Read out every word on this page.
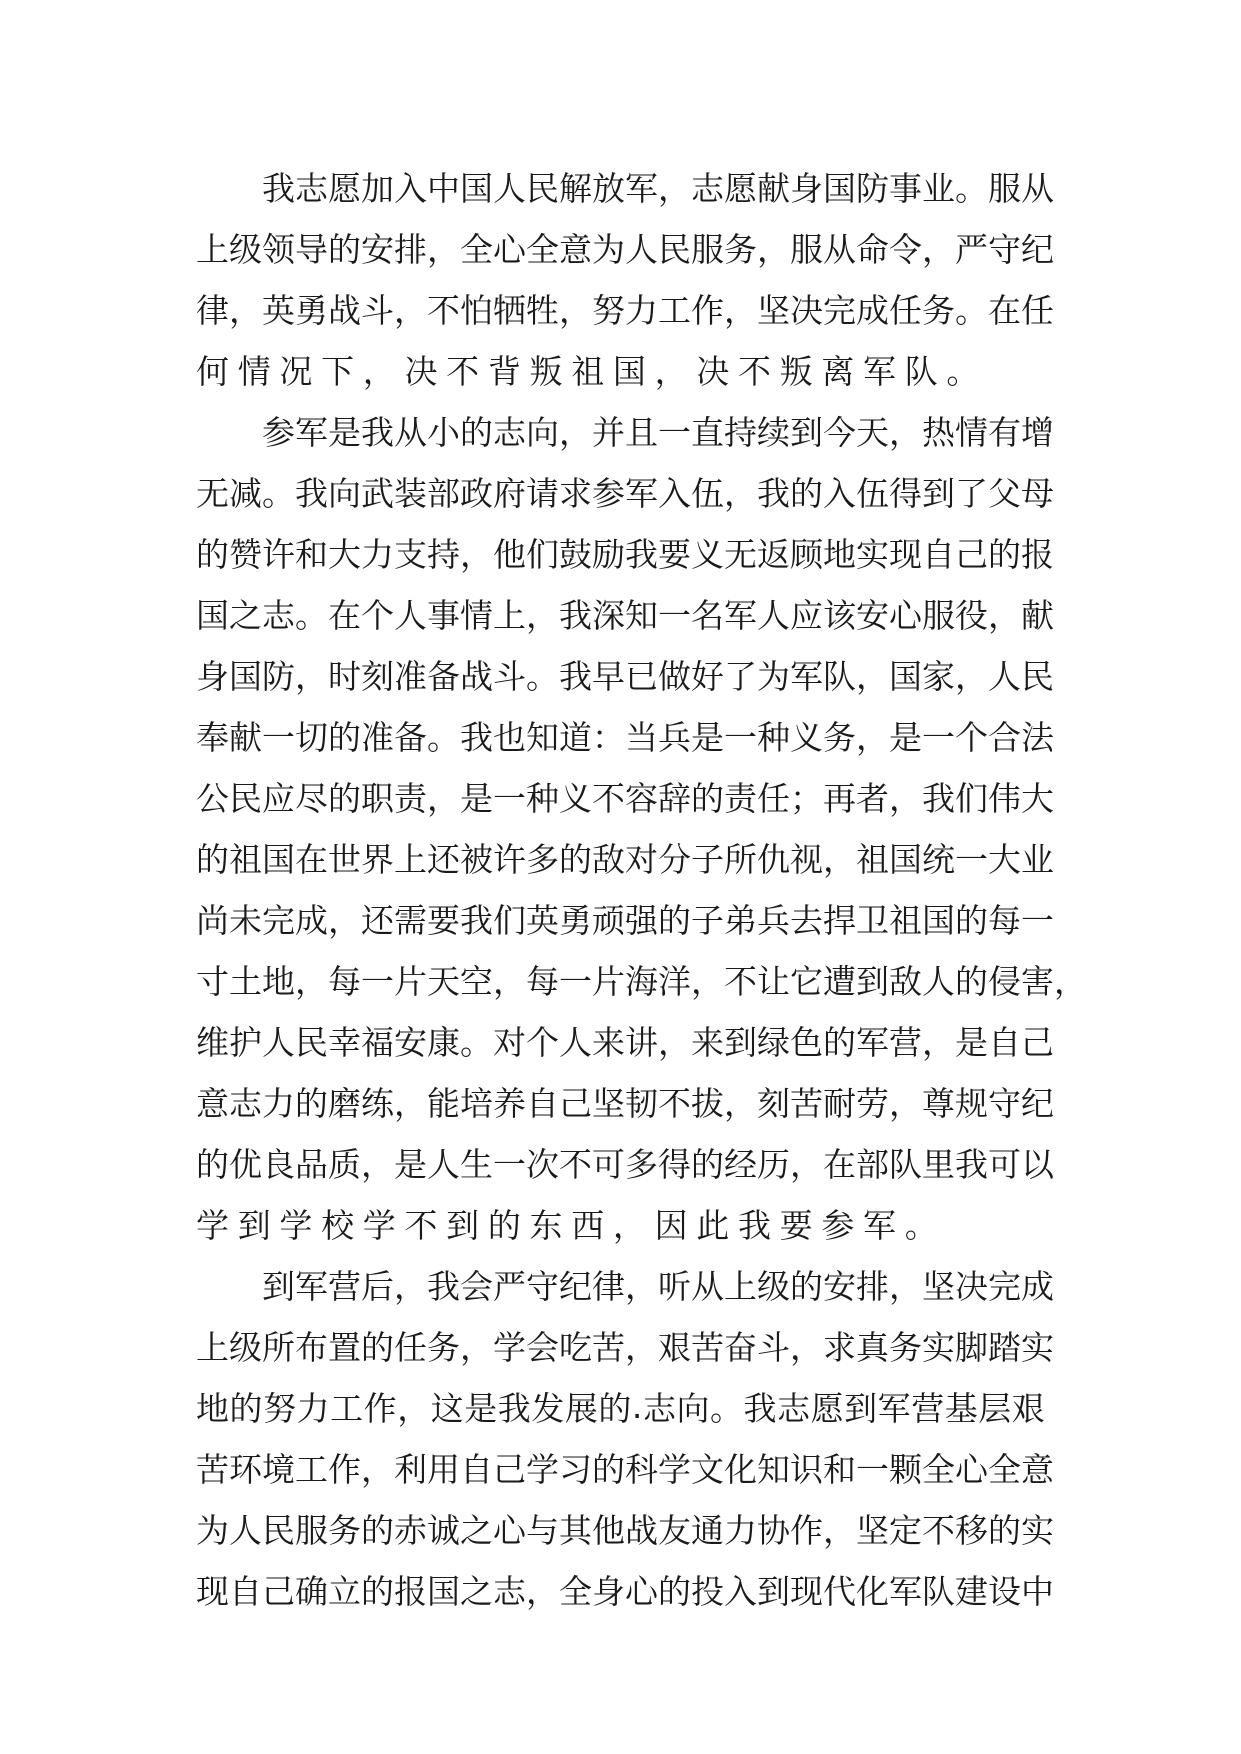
我 志 愿 加 入 中 国 人 民 解 放 军 ， 志 愿 献 身 国 防 事 业 。 服 从
上 级 领 导 的 安 排 ， 全 心 全 意 为 人 民 服 务 ， 服 从 命 令 ， 严 守 纪
律 ， 英 勇 战 斗 ， 不 怕 牺 牲 ， 努 力 工 作 ， 坚 决 完 成 任 务 。 在 任
何 情 况 下 ， 决 不 背 叛 祖 国 ， 决 不 叛 离 军 队 。
参 军 是 我 从 小 的 志 向 ， 并 且 一 直 持 续 到 今 天 ， 热 情 有 增
无 减 。 我 向 武 装 部 政 府 请 求 参 军 入 伍 ， 我 的 入 伍 得 到 了 父 母
的 赞 许 和 大 力 支 持 ， 他 们 鼓 励 我 要 义 无 返 顾 地 实 现 自 己 的 报
国 之 志 。 在 个 人 事 情 上 ， 我 深 知 一 名 军 人 应 该 安 心 服 役 ， 献
身 国 防 ， 时 刻 准 备 战 斗 。 我 早 已 做 好 了 为 军 队 ， 国 家 ， 人 民
奉 献 一 切 的 准 备 。 我 也 知 道 ： 当 兵 是 一 种 义 务 ， 是 一 个 合 法
公 民 应 尽 的 职 责 ， 是 一 种 义 不 容 辞 的 责 任 ； 再 者 ， 我 们 伟 大
的 祖 国 在 世 界 上 还 被 许 多 的 敌 对 分 子 所 仇 视 ， 祖 国 统 一 大 业
尚 未 完 成 ， 还 需 要 我 们 英 勇 顽 强 的 子 弟 兵 去 捍 卫 祖 国 的 每 一
寸 土 地 ， 每 一 片 天 空 ， 每 一 片 海 洋 ， 不 让 它 遭 到 敌 人 的 侵 害 ，
维 护 人 民 幸 福 安 康 。 对 个 人 来 讲 ， 来 到 绿 色 的 军 营 ， 是 自 己
意 志 力 的 磨 练 ， 能 培 养 自 己 坚 韧 不 拔 ， 刻 苦 耐 劳 ， 尊 规 守 纪
的 优 良 品 质 ， 是 人 生 一 次 不 可 多 得 的 经 历 ， 在 部 队 里 我 可 以
学 到 学 校 学 不 到 的 东 西 ， 因 此 我 要 参 军 。
到 军 营 后 ， 我 会 严 守 纪 律 ， 听 从 上 级 的 安 排 ， 坚 决 完 成
上 级 所 布 置 的 任 务 ， 学 会 吃 苦 ， 艰 苦 奋 斗 ， 求 真 务 实 脚 踏 实
地 的 努 力 工 作 ， 这 是 我 发 展 的 . 志 向 。 我 志 愿 到 军 营 基 层 艰
苦 环 境 工 作 ， 利 用 自 己 学 习 的 科 学 文 化 知 识 和 一 颗 全 心 全 意
为 人 民 服 务 的 赤 诚 之 心 与 其 他 战 友 通 力 协 作 ， 坚 定 不 移 的 实
现 自 己 确 立 的 报 国 之 志 ， 全 身 心 的 投 入 到 现 代 化 军 队 建 设 中
